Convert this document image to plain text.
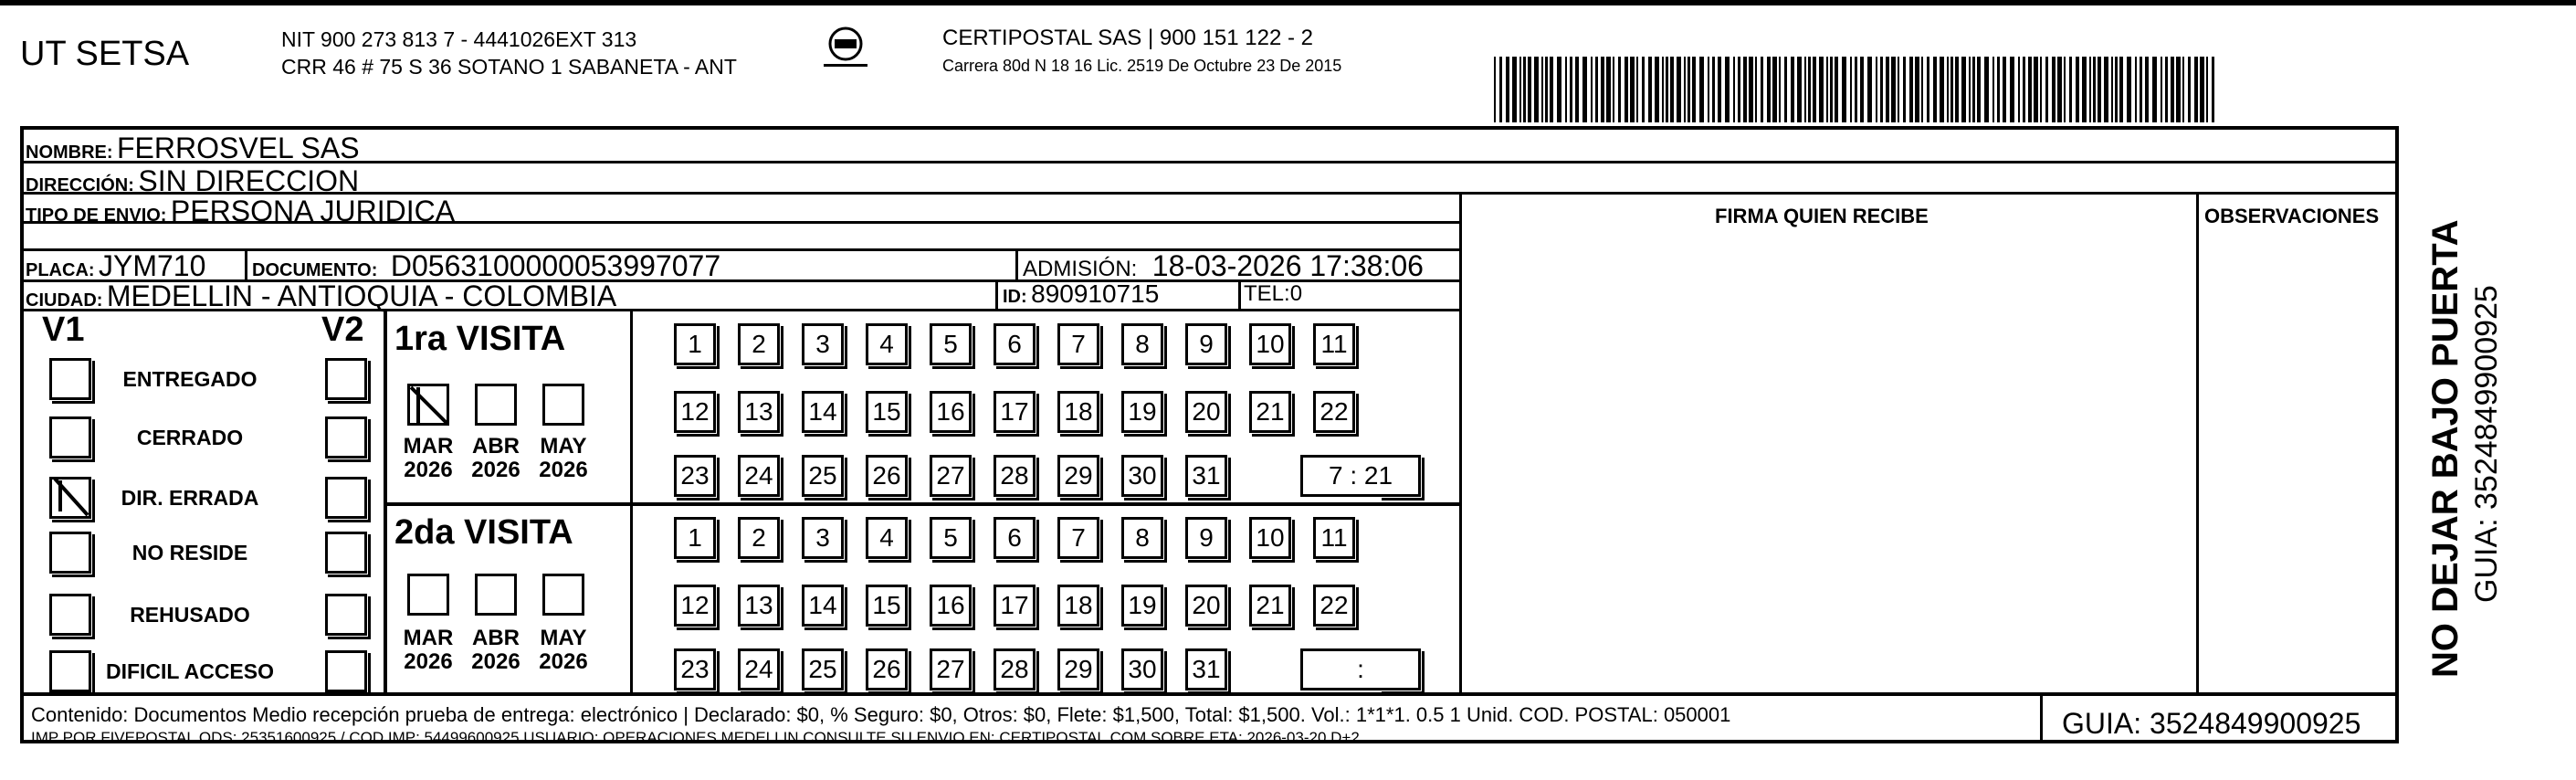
UT SETSA	NIT 900 273 813 7 - 4441026EXT 313
CRR 46 # 75 S 36 SOTANO 1 SABANETA - ANT
CERTIPOSTAL SAS | 900 151 122 - 2
Carrera 80d N 18 16 Lic. 2519 De Octubre 23 De 2015
NOMBRE: FERROSVEL SAS
DIRECCIÓN: SIN DIRECCION
TIPO DE ENVIO: PERSONA JURIDICA	FIRMA QUIEN RECIBE	OBSERVACIONES
PLACA: JYM710	DOCUMENTO: D0563100000053997077	ADMISIÓN: 18-03-2026 17:38:06
CIUDAD: MEDELLIN - ANTIOQUIA - COLOMBIA	ID: 890910715	TEL:0
V1	V2 1ra VISITA
2da VISITA
Contenido: Documentos Medio recepción prueba de entrega: electrónico | Declarado: $0, % Seguro: $0, Otros: $0, Flete: $1,500, Total: $1,500. Vol.: 1*1*1. 0.5 1 Unid. COD. POSTAL: 050001
IMP POR FIVEPOSTAL ODS: 25351600925 / COD.IMP: 54499600925 USUARIO: OPERACIONES MEDELLIN CONSULTE SU ENVIO EN: CERTIPOSTAL.COM SOBRE ETA: 2026-03-20 D+2	GUIA: 3524849900925
NO DEJAR BAJO PUERTA GUIA: 3524849900925
ENTREGADO
CERRADO
DIR. ERRADA
NO RESIDE
REHUSADO
DIFICIL ACCESO
MAR
2026
ABR
2026
MAY
2026
MAR
2026
ABR
2026
MAY
2026
1	2	3	4	5	6	7	8	9	10	11
12 13 14 15 16 17 18 19 20 21 22
23 24 25 26 27 28 29 30 31	7 : 21
1	2	3	4	5	6	7	8	9	10	11
12 13 14 15 16 17 18 19 20 21 22
23 24 25 26 27 28 29 30 31	:
